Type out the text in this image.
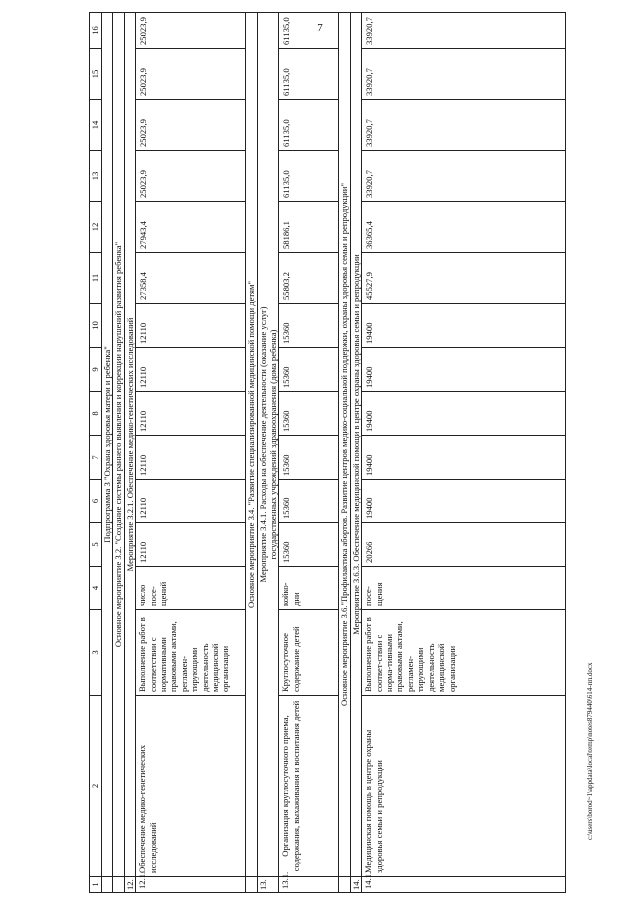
7
1	2	3	4	5	6	7	8	9	10	11	12	13	14	15	16
	Подпрограмма 3 "Охрана здоровья матери и ребенка"														
	Основное мероприятие 3.2. "Создание системы раннего выявления и коррекции нарушений развития ребенка"														
12.	Мероприятие 3.2.1. Обеспечение медико-генетических исследований														
12.1.	Обеспечение медико-генетических исследований	Выполнение работ в соответствии с нормативными правовыми актами, регламен-тирующими деятельность медицинской организации	число посе-щений	12110	12110	12110	12110	12110	12110	27358,4	27943,4	25023,9	25023,9	25023,9	25023,9
	Основное мероприятие 3.4. "Развитие специализированной медицинской помощи детям"														
13.	Мероприятие 3.4.1. Расходы на обеспечение деятельности (оказание услуг) государственных учреждений здравоохранения (дома ребенка)														

13.1.	Организация круглосуточного приема, содержания, выхаживания и воспитания детей	Круглосуточное содержание детей	койко-дни	15360	15360	15360	15360	15360	15360	55803,2	58186,1	61135,0	61135,0	61135,0	61135,0
	Основное мероприятие 3.6."Профилактика абортов. Развитие центров медико-социальной поддержки, охраны здоровья семьи и репродукции"														
14.	Мероприятие 3.6.3. Обеспечение медицинской помощи в центре охраны здоровья семьи и репродукции														
14.1.	Медицинская помощь в центре охраны здоровья семьи и репродукции	Выполнение работ в соответ-ствии с норма-тивными правовыми актами, регламен-тирующими деятельность медицинской организации	посе-щения	20266	19400	19400	19400	19400	19400	45527,9	36365,4	33920,7	33920,7	33920,7	33920,7
c:\users\borod~1\appdata\local\temp\notes879440\614-пп.docx
